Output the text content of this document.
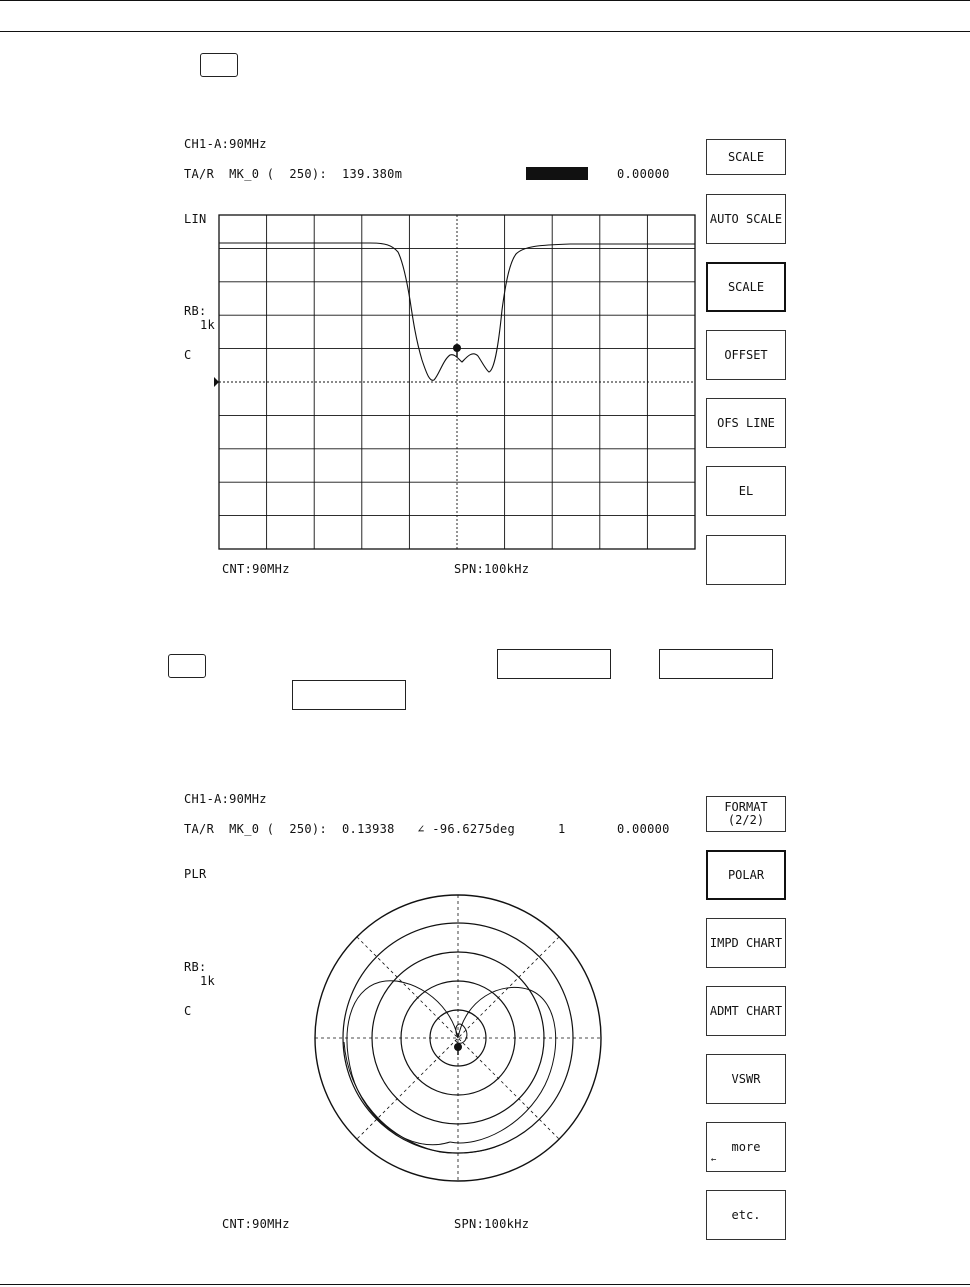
CH1-A:90MHz
TA/R  MK_0 (  250):  139.380m	0.00000
LIN
RB:
1k
C
CNT:90MHz	SPN:100kHz
SCALE
AUTO SCALE
SCALE
OFFSET
OFS LINE
EL
CH1-A:90MHz
TA/R  MK_0 (  250):  0.13938   ∠ -96.6275deg	1	0.00000
PLR
RB:
1k
C
CNT:90MHz	SPN:100kHz
FORMAT
(2/2)
POLAR
IMPD CHART
ADMT CHART
VSWR
more
←
etc.
